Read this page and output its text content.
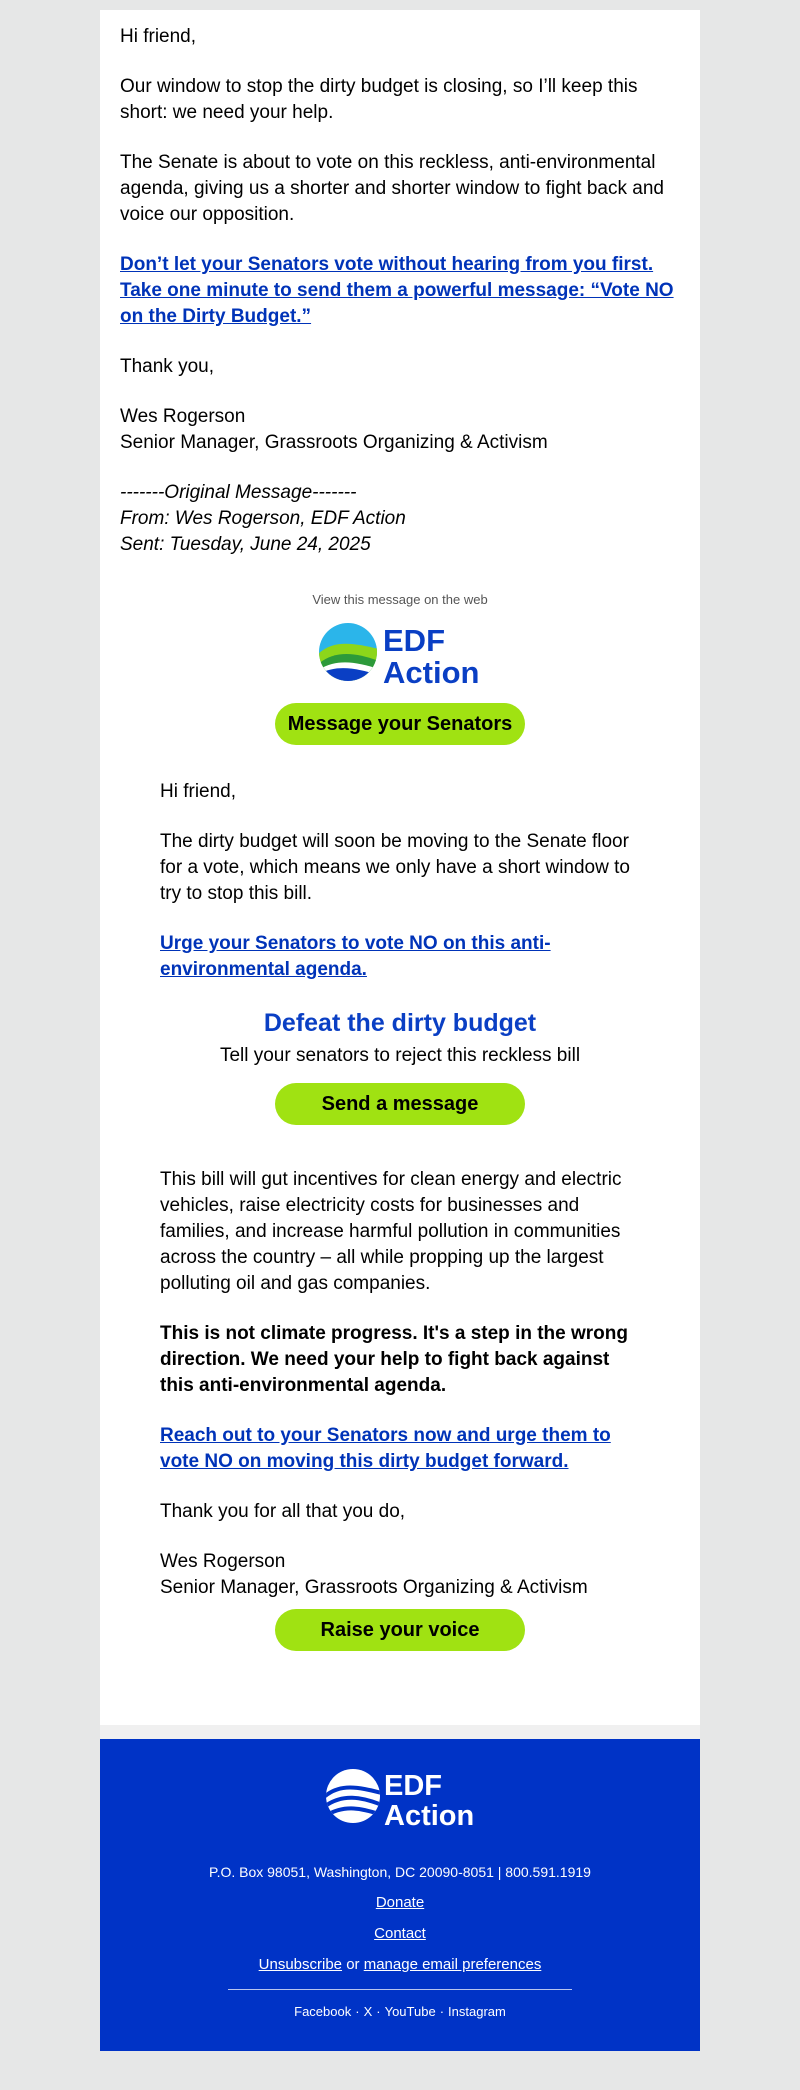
Hi friend,

Our window to stop the dirty budget is closing, so I’ll keep this short: we need your help.

The Senate is about to vote on this reckless, anti-environmental agenda, giving us a shorter and shorter window to fight back and voice our opposition.

Don’t let your Senators vote without hearing from you first. Take one minute to send them a powerful message: “Vote NO on the Dirty Budget.”

Thank you,

Wes Rogerson
Senior Manager, Grassroots Organizing & Activism

-------Original Message-------
From: Wes Rogerson, EDF Action
Sent: Tuesday, June 24, 2025

View this message on the web
EDF
Action
Message your Senators

Hi friend,

The dirty budget will soon be moving to the Senate floor for a vote, which means we only have a short window to try to stop this bill.

Urge your Senators to vote NO on this anti-environmental agenda.

Defeat the dirty budget
Tell your senators to reject this reckless bill
Send a message

This bill will gut incentives for clean energy and electric vehicles, raise electricity costs for businesses and families, and increase harmful pollution in communities across the country – all while propping up the largest polluting oil and gas companies.

This is not climate progress. It's a step in the wrong direction. We need your help to fight back against this anti-environmental agenda.

Reach out to your Senators now and urge them to vote NO on moving this dirty budget forward.

Thank you for all that you do,

Wes Rogerson
Senior Manager, Grassroots Organizing & Activism

Raise your voice
EDF
Action
P.O. Box 98051, Washington, DC 20090-8051 | 800.591.1919
Donate
Contact
Unsubscribe or manage email preferences
Facebook · X · YouTube · Instagram
